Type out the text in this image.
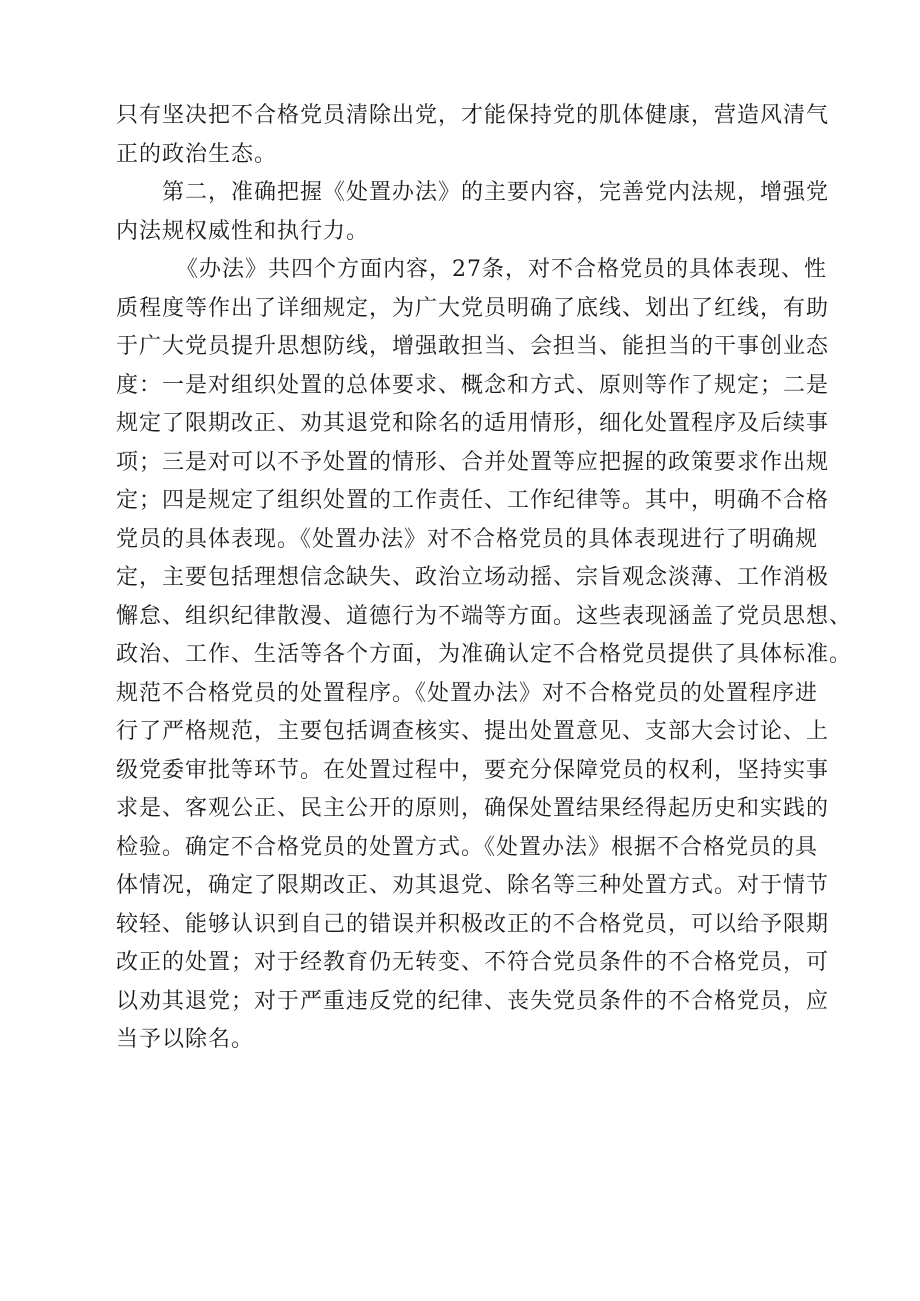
只有坚决把不合格党员清除出党，才能保持党的肌体健康，营造风清气
正的政治生态。
第二，准确把握《处置办法》的主要内容，完善党内法规，增强党
内法规权威性和执行力。
《办法》共四个方面内容，27条，对不合格党员的具体表现、性
质程度等作出了详细规定，为广大党员明确了底线、划出了红线，有助
于广大党员提升思想防线，增强敢担当、会担当、能担当的干事创业态
度：一是对组织处置的总体要求、概念和方式、原则等作了规定；二是
规定了限期改正、劝其退党和除名的适用情形，细化处置程序及后续事
项；三是对可以不予处置的情形、合并处置等应把握的政策要求作出规
定；四是规定了组织处置的工作责任、工作纪律等。其中，明确不合格
党员的具体表现。《处置办法》对不合格党员的具体表现进行了明确规
定，主要包括理想信念缺失、政治立场动摇、宗旨观念淡薄、工作消极
懈怠、组织纪律散漫、道德行为不端等方面。这些表现涵盖了党员思想、
政治、工作、生活等各个方面，为准确认定不合格党员提供了具体标准。
规范不合格党员的处置程序。《处置办法》对不合格党员的处置程序进
行了严格规范，主要包括调查核实、提出处置意见、支部大会讨论、上
级党委审批等环节。在处置过程中，要充分保障党员的权利，坚持实事
求是、客观公正、民主公开的原则，确保处置结果经得起历史和实践的
检验。确定不合格党员的处置方式。《处置办法》根据不合格党员的具
体情况，确定了限期改正、劝其退党、除名等三种处置方式。对于情节
较轻、能够认识到自己的错误并积极改正的不合格党员，可以给予限期
改正的处置；对于经教育仍无转变、不符合党员条件的不合格党员，可
以劝其退党；对于严重违反党的纪律、丧失党员条件的不合格党员，应
当予以除名。
